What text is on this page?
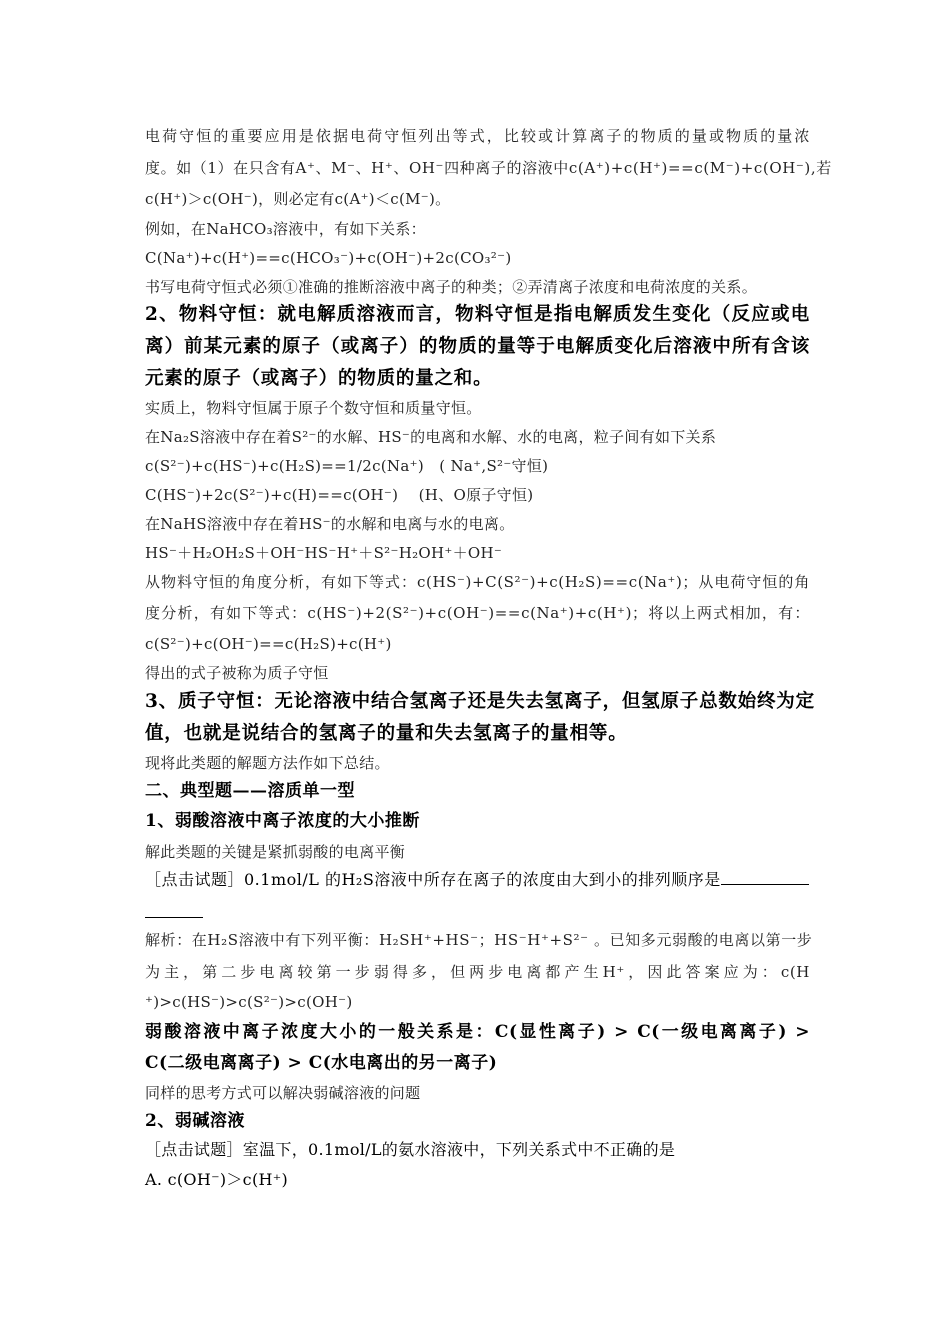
电荷守恒的重要应用是依据电荷守恒列出等式，比较或计算离子的物质的量或物质的量浓
度。如（1）在只含有A⁺、M⁻、H⁺、OH⁻四种离子的溶液中c(A⁺)+c(H⁺)==c(M⁻)+c(OH⁻),若
c(H⁺)＞c(OH⁻)，则必定有c(A⁺)＜c(M⁻)。
例如，在NaHCO₃溶液中，有如下关系：
C(Na⁺)+c(H⁺)==c(HCO₃⁻)+c(OH⁻)+2c(CO₃²⁻)
书写电荷守恒式必须①准确的推断溶液中离子的种类；②弄清离子浓度和电荷浓度的关系。
2、物料守恒：就电解质溶液而言，物料守恒是指电解质发生变化（反应或电
离）前某元素的原子（或离子）的物质的量等于电解质变化后溶液中所有含该
元素的原子（或离子）的物质的量之和。
实质上，物料守恒属于原子个数守恒和质量守恒。
在Na₂S溶液中存在着S²⁻的水解、HS⁻的电离和水解、水的电离，粒子间有如下关系
c(S²⁻)+c(HS⁻)+c(H₂S)==1/2c(Na⁺)　( Na⁺,S²⁻守恒)
C(HS⁻)+2c(S²⁻)+c(H)==c(OH⁻)　 (H、O原子守恒)
在NaHS溶液中存在着HS⁻的水解和电离与水的电离。
HS⁻＋H₂OH₂S＋OH⁻HS⁻H⁺＋S²⁻H₂OH⁺＋OH⁻
从物料守恒的角度分析，有如下等式：c(HS⁻)+C(S²⁻)+c(H₂S)==c(Na⁺)；从电荷守恒的角
度分析，有如下等式：c(HS⁻)+2(S²⁻)+c(OH⁻)==c(Na⁺)+c(H⁺)；将以上两式相加，有：
c(S²⁻)+c(OH⁻)==c(H₂S)+c(H⁺)
得出的式子被称为质子守恒
3、质子守恒：无论溶液中结合氢离子还是失去氢离子，但氢原子总数始终为定
值，也就是说结合的氢离子的量和失去氢离子的量相等。
现将此类题的解题方法作如下总结。
二、典型题——溶质单一型
1、弱酸溶液中离子浓度的大小推断
解此类题的关键是紧抓弱酸的电离平衡
［点击试题］0.1mol/L 的H₂S溶液中所存在离子的浓度由大到小的排列顺序是
解析：在H₂S溶液中有下列平衡：H₂SH⁺+HS⁻；HS⁻H⁺+S²⁻ 。已知多元弱酸的电离以第一步
为主，第二步电离较第一步弱得多，但两步电离都产生H⁺，因此答案应为：c(H
⁺)>c(HS⁻)>c(S²⁻)>c(OH⁻)
弱酸溶液中离子浓度大小的一般关系是：C(显性离子) > C(一级电离离子) >
C(二级电离离子) > C(水电离出的另一离子)
同样的思考方式可以解决弱碱溶液的问题
2、弱碱溶液
［点击试题］室温下，0.1mol/L的氨水溶液中，下列关系式中不正确的是
A. c(OH⁻)＞c(H⁺)
